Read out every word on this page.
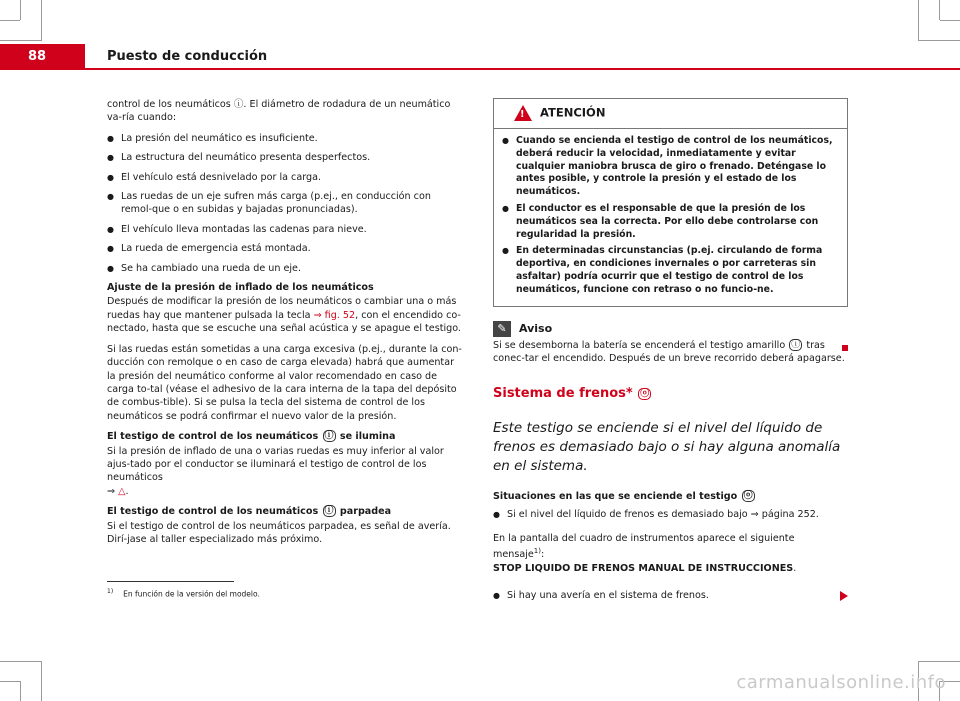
88	Puesto de conducción

control de los neumáticos ⓘ. El diámetro de rodadura de un neumático va-ría cuando:

● La presión del neumático es insuficiente.
● La estructura del neumático presenta desperfectos.
● El vehículo está desnivelado por la carga.
● Las ruedas de un eje sufren más carga (p.ej., en conducción con remol-que o en subidas y bajadas pronunciadas).
● El vehículo lleva montadas las cadenas para nieve.
● La rueda de emergencia está montada.
● Se ha cambiado una rueda de un eje.
Ajuste de la presión de inflado de los neumáticos

Después de modificar la presión de los neumáticos o cambiar una o más ruedas hay que mantener pulsada la tecla ⇒ fig. 52, con el encendido co-nectado, hasta que se escuche una señal acústica y se apague el testigo.

Si las ruedas están sometidas a una carga excesiva (p.ej., durante la con-ducción con remolque o en caso de carga elevada) habrá que aumentar la presión del neumático conforme al valor recomendado en caso de carga to-tal (véase el adhesivo de la cara interna de la tapa del depósito de combus-tible). Si se pulsa la tecla del sistema de control de los neumáticos se podrá confirmar el nuevo valor de la presión.

El testigo de control de los neumáticos ⓘ se ilumina

Si la presión de inflado de una o varias ruedas es muy inferior al valor ajus-tado por el conductor se iluminará el testigo de control de los neumáticos
⇒ △.

El testigo de control de los neumáticos ⓘ parpadea

Si el testigo de control de los neumáticos parpadea, es señal de avería. Dirí-jase al taller especializado más próximo.

! ATENCIÓN
● Cuando se encienda el testigo de control de los neumáticos, deberá reducir la velocidad, inmediatamente y evitar cualquier maniobra brusca de giro o frenado. Deténgase lo antes posible, y controle la presión y el estado de los neumáticos.
● El conductor es el responsable de que la presión de los neumáticos sea la correcta. Por ello debe controlarse con regularidad la presión.
● En determinadas circunstancias (p.ej. circulando de forma deportiva, en condiciones invernales o por carreteras sin asfaltar) podría ocurrir que el testigo de control de los neumáticos, funcione con retraso o no funcio-ne.
✎ Aviso

Si se desemborna la batería se encenderá el testigo amarillo ⓘ tras conec-tar el encendido. Después de un breve recorrido deberá apagarse.

Sistema de frenos* ⓞ

Este testigo se enciende si el nivel del líquido de frenos es demasiado bajo o si hay alguna anomalía en el sistema.

Situaciones en las que se enciende el testigo ⓞ
● Si el nivel del líquido de frenos es demasiado bajo ⇒ página 252.

En la pantalla del cuadro de instrumentos aparece el siguiente mensaje$^{1)}$:
STOP LIQUIDO DE FRENOS MANUAL DE INSTRUCCIONES.

● Si hay una avería en el sistema de frenos.
$^{1)}$ En función de la versión del modelo.
carmanualsonline.info
